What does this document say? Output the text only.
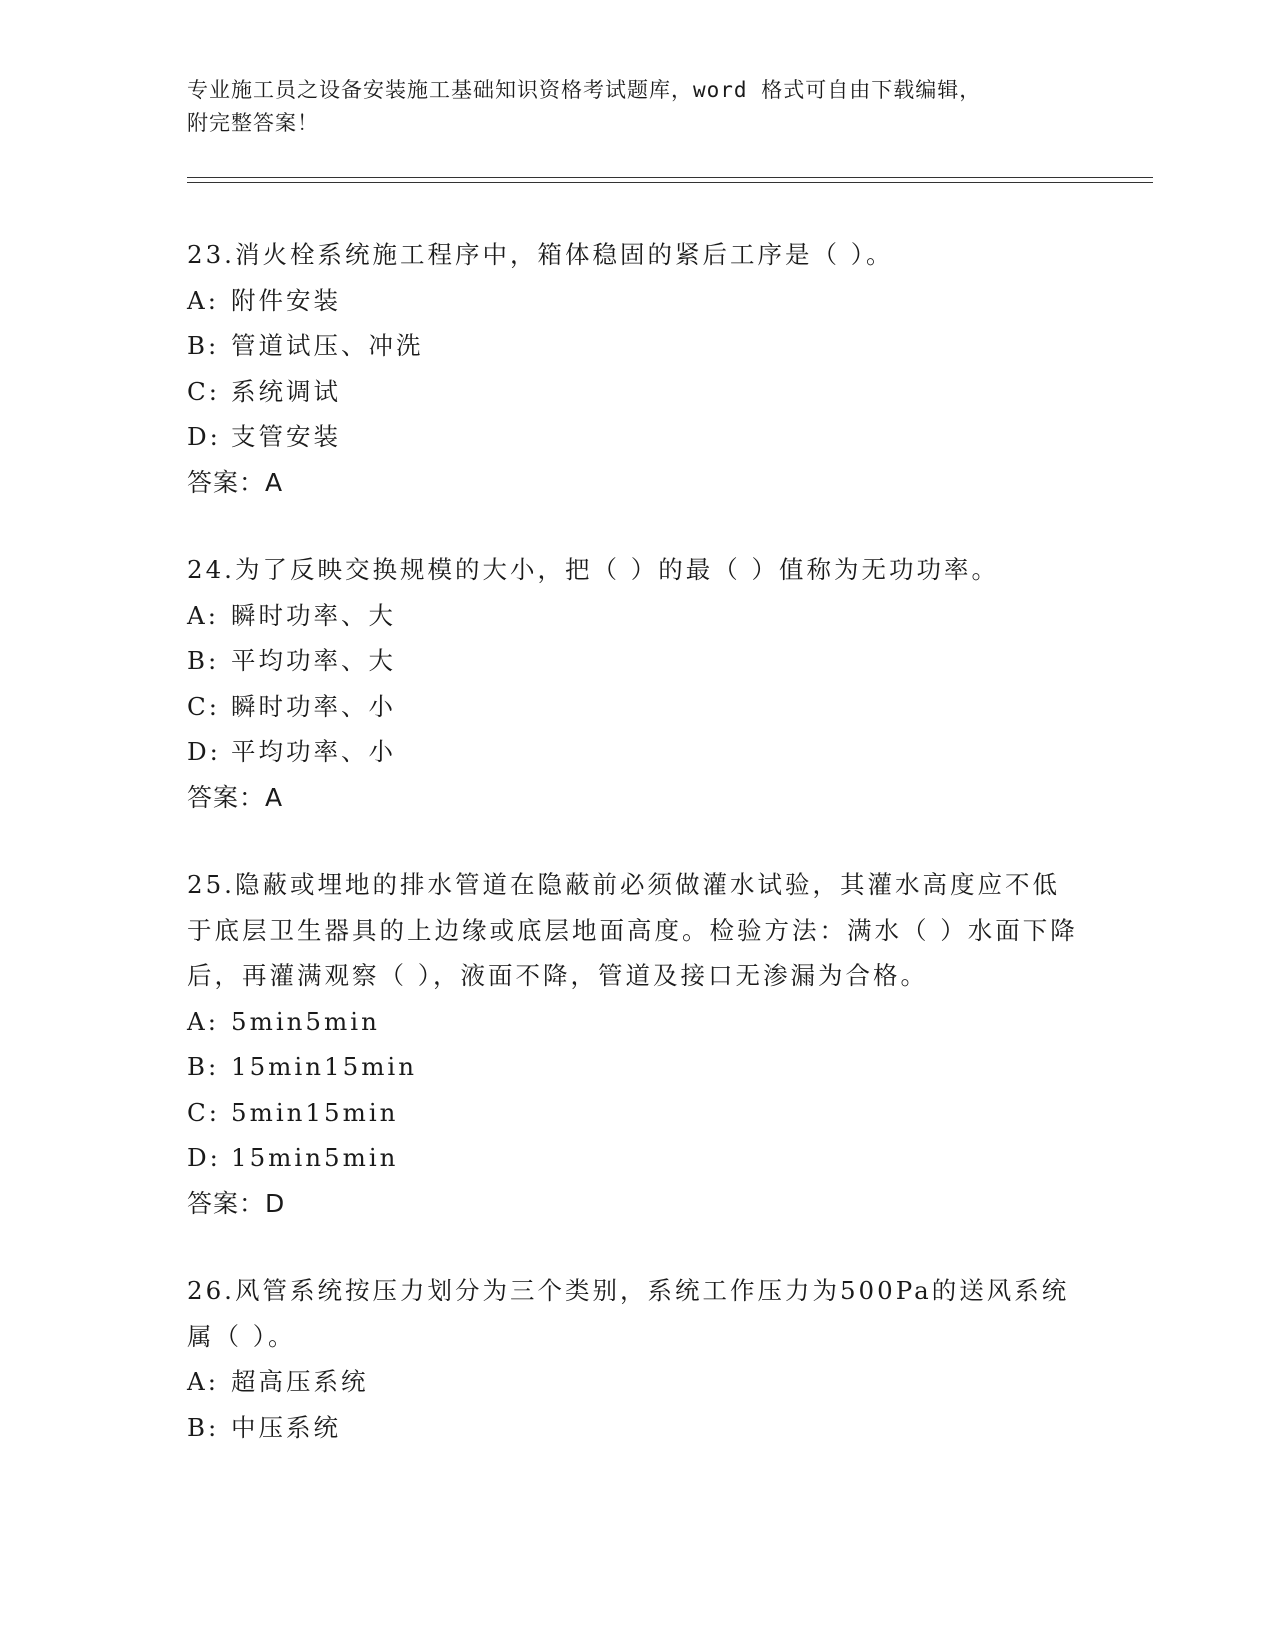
专业施工员之设备安装施工基础知识资格考试题库，word 格式可自由下载编辑，
附完整答案！

23.消火栓系统施工程序中，箱体稳固的紧后工序是（ ）。

A: 附件安装

B: 管道试压、冲洗

C: 系统调试

D: 支管安装

答案：A

24.为了反映交换规模的大小，把（ ）的最（ ）值称为无功功率。

A: 瞬时功率、大

B: 平均功率、大

C: 瞬时功率、小

D: 平均功率、小

答案：A

25.隐蔽或埋地的排水管道在隐蔽前必须做灌水试验，其灌水高度应不低于底层卫生器具的上边缘或底层地面高度。检验方法：满水（ ）水面下降后，再灌满观察（ ），液面不降，管道及接口无渗漏为合格。

A: 5min5min

B: 15min15min

C: 5min15min

D: 15min5min

答案：D

26.风管系统按压力划分为三个类别，系统工作压力为500Pa的送风系统属（ ）。

A: 超高压系统

B: 中压系统
